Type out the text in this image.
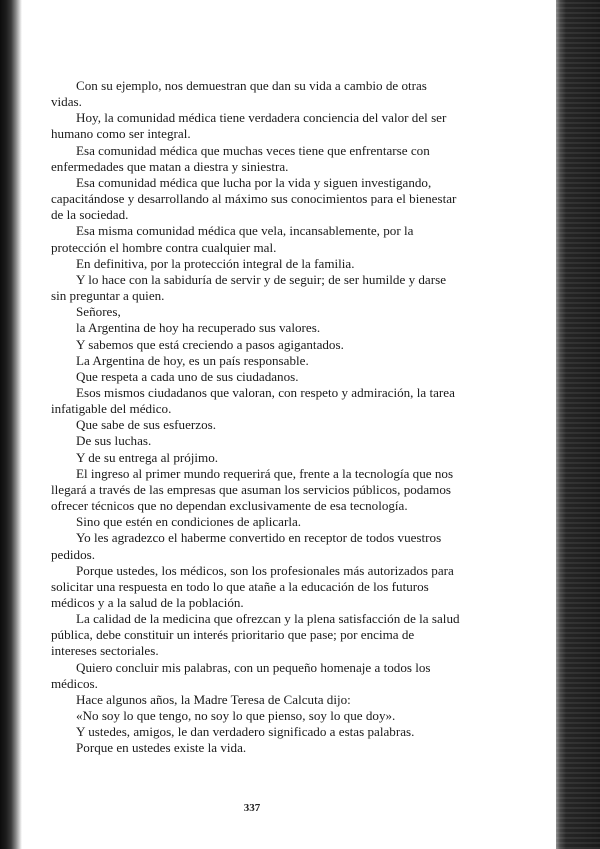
Con su ejemplo, nos demuestran que dan su vida a cambio de otras vidas.

Hoy, la comunidad médica tiene verdadera conciencia del valor del ser humano como ser integral.

Esa comunidad médica que muchas veces tiene que enfrentarse con enfermedades que matan a diestra y siniestra.

Esa comunidad médica que lucha por la vida y siguen investigando, capacitándose y desarrollando al máximo sus conocimientos para el bienestar de la sociedad.

Esa misma comunidad médica que vela, incansablemente, por la protección el hombre contra cualquier mal.

En definitiva, por la protección integral de la familia.

Y lo hace con la sabiduría de servir y de seguir; de ser humilde y darse sin preguntar a quien.

Señores,

la Argentina de hoy ha recuperado sus valores.

Y sabemos que está creciendo a pasos agigantados.

La Argentina de hoy, es un país responsable.

Que respeta a cada uno de sus ciudadanos.

Esos mismos ciudadanos que valoran, con respeto y admiración, la tarea infatigable del médico.

Que sabe de sus esfuerzos.

De sus luchas.

Y de su entrega al prójimo.

El ingreso al primer mundo requerirá que, frente a la tecnología que nos llegará a través de las empresas que asuman los servicios públicos, podamos ofrecer técnicos que no dependan exclusivamente de esa tecnología.

Sino que estén en condiciones de aplicarla.

Yo les agradezco el haberme convertido en receptor de todos vuestros pedidos.

Porque ustedes, los médicos, son los profesionales más autorizados para solicitar una respuesta en todo lo que atañe a la educación de los futuros médicos y a la salud de la población.

La calidad de la medicina que ofrezcan y la plena satisfacción de la salud pública, debe constituir un interés prioritario que pase; por encima de intereses sectoriales.

Quiero concluir mis palabras, con un pequeño homenaje a todos los médicos.

Hace algunos años, la Madre Teresa de Calcuta dijo:

«No soy lo que tengo, no soy lo que pienso, soy lo que doy».

Y ustedes, amigos, le dan verdadero significado a estas palabras.

Porque en ustedes existe la vida.

337
